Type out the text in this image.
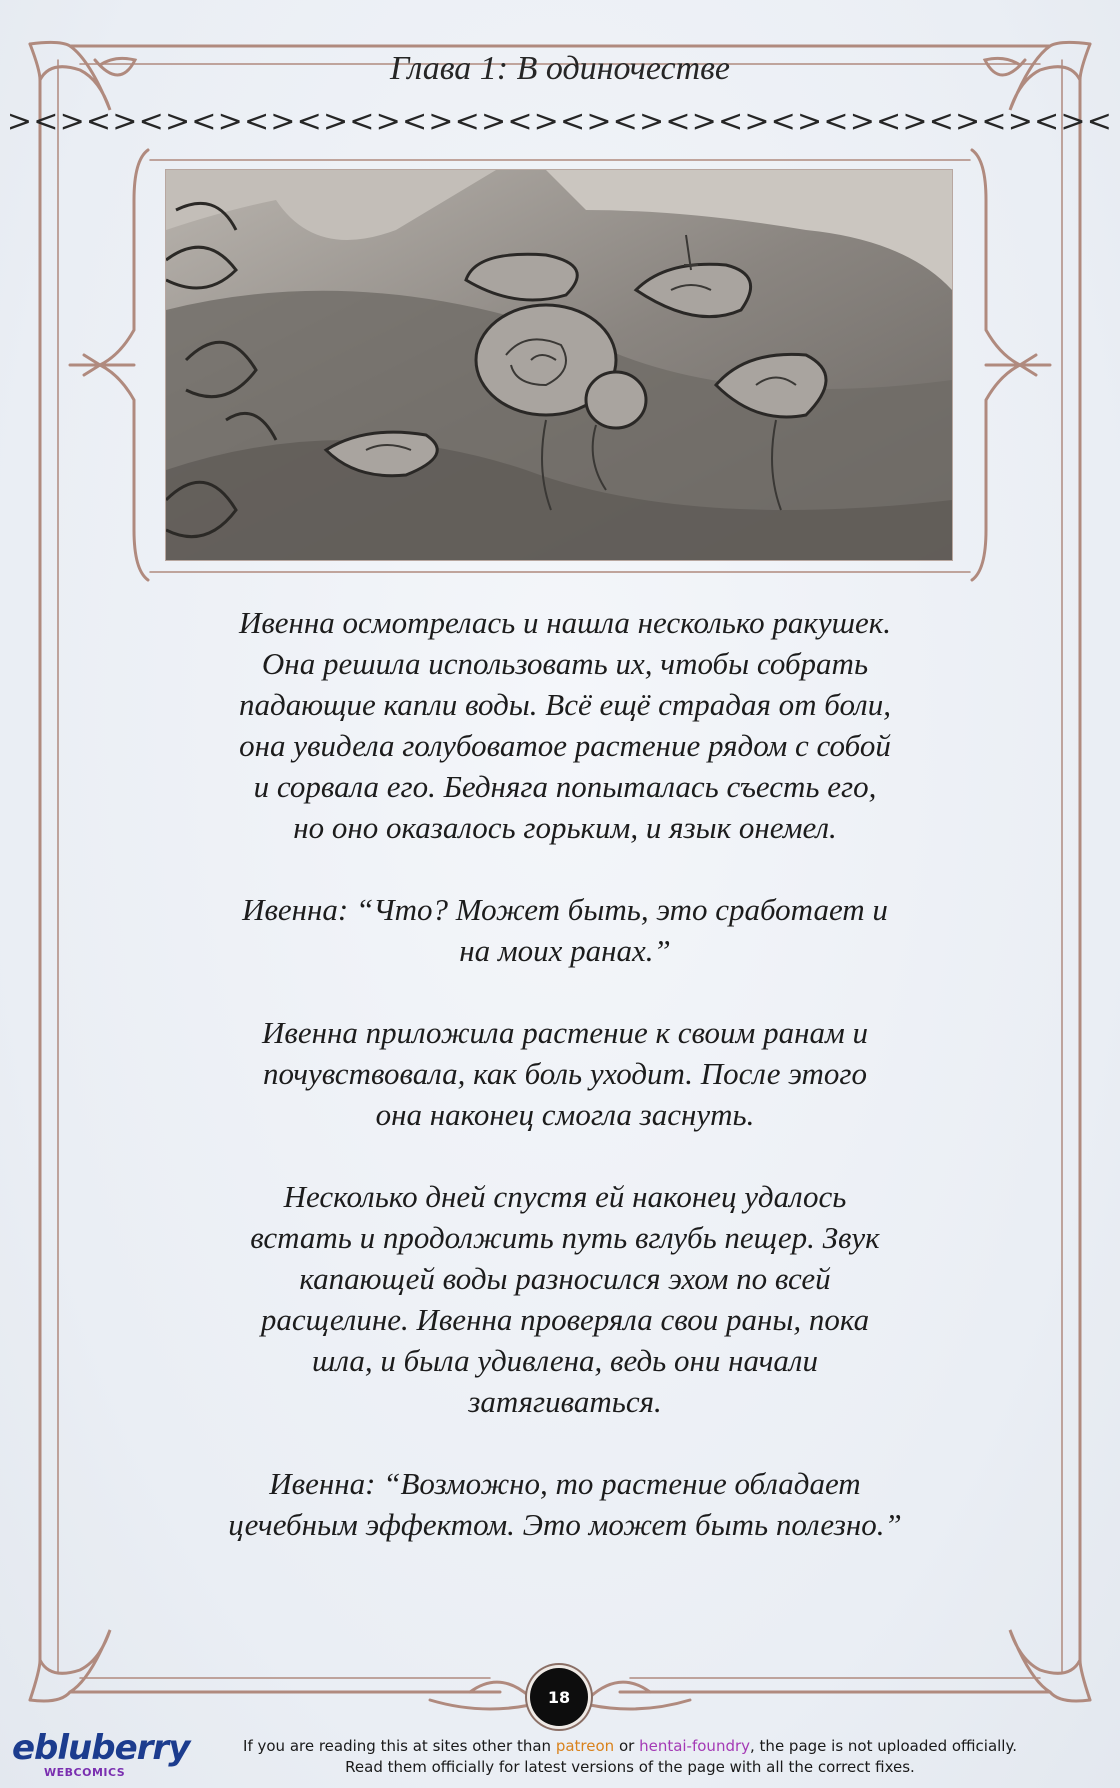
Глава 1: В одиночестве
><><><><><><><><><><><><><><><><><><><><><

Ивенна осмотрелась и нашла несколько ракушек.
Она решила использовать их, чтобы собрать
падающие капли воды. Всё ещё страдая от боли,
она увидела голубоватое растение рядом с собой
и сорвала его. Бедняга попыталась съесть его,
но оно оказалось горьким, и язык онемел.

Ивенна: “Что? Может быть, это сработает и
на моих ранах.”

Ивенна приложила растение к своим ранам и
почувствовала, как боль уходит. После этого
она наконец смогла заснуть.

Несколько дней спустя ей наконец удалось
встать и продолжить путь вглубь пещер. Звук
капающей воды разносился эхом по всей
расщелине. Ивенна проверяла свои раны, пока
шла, и была удивлена, ведь они начали
затягиваться.

Ивенна: “Возможно, то растение обладает
цечебным эффектом. Это может быть полезно.”

18
ebluberry
WEBCOMICS
If you are reading this at sites other than patreon or hentai-foundry, the page is not uploaded officially.
Read them officially for latest versions of the page with all the correct fixes.
